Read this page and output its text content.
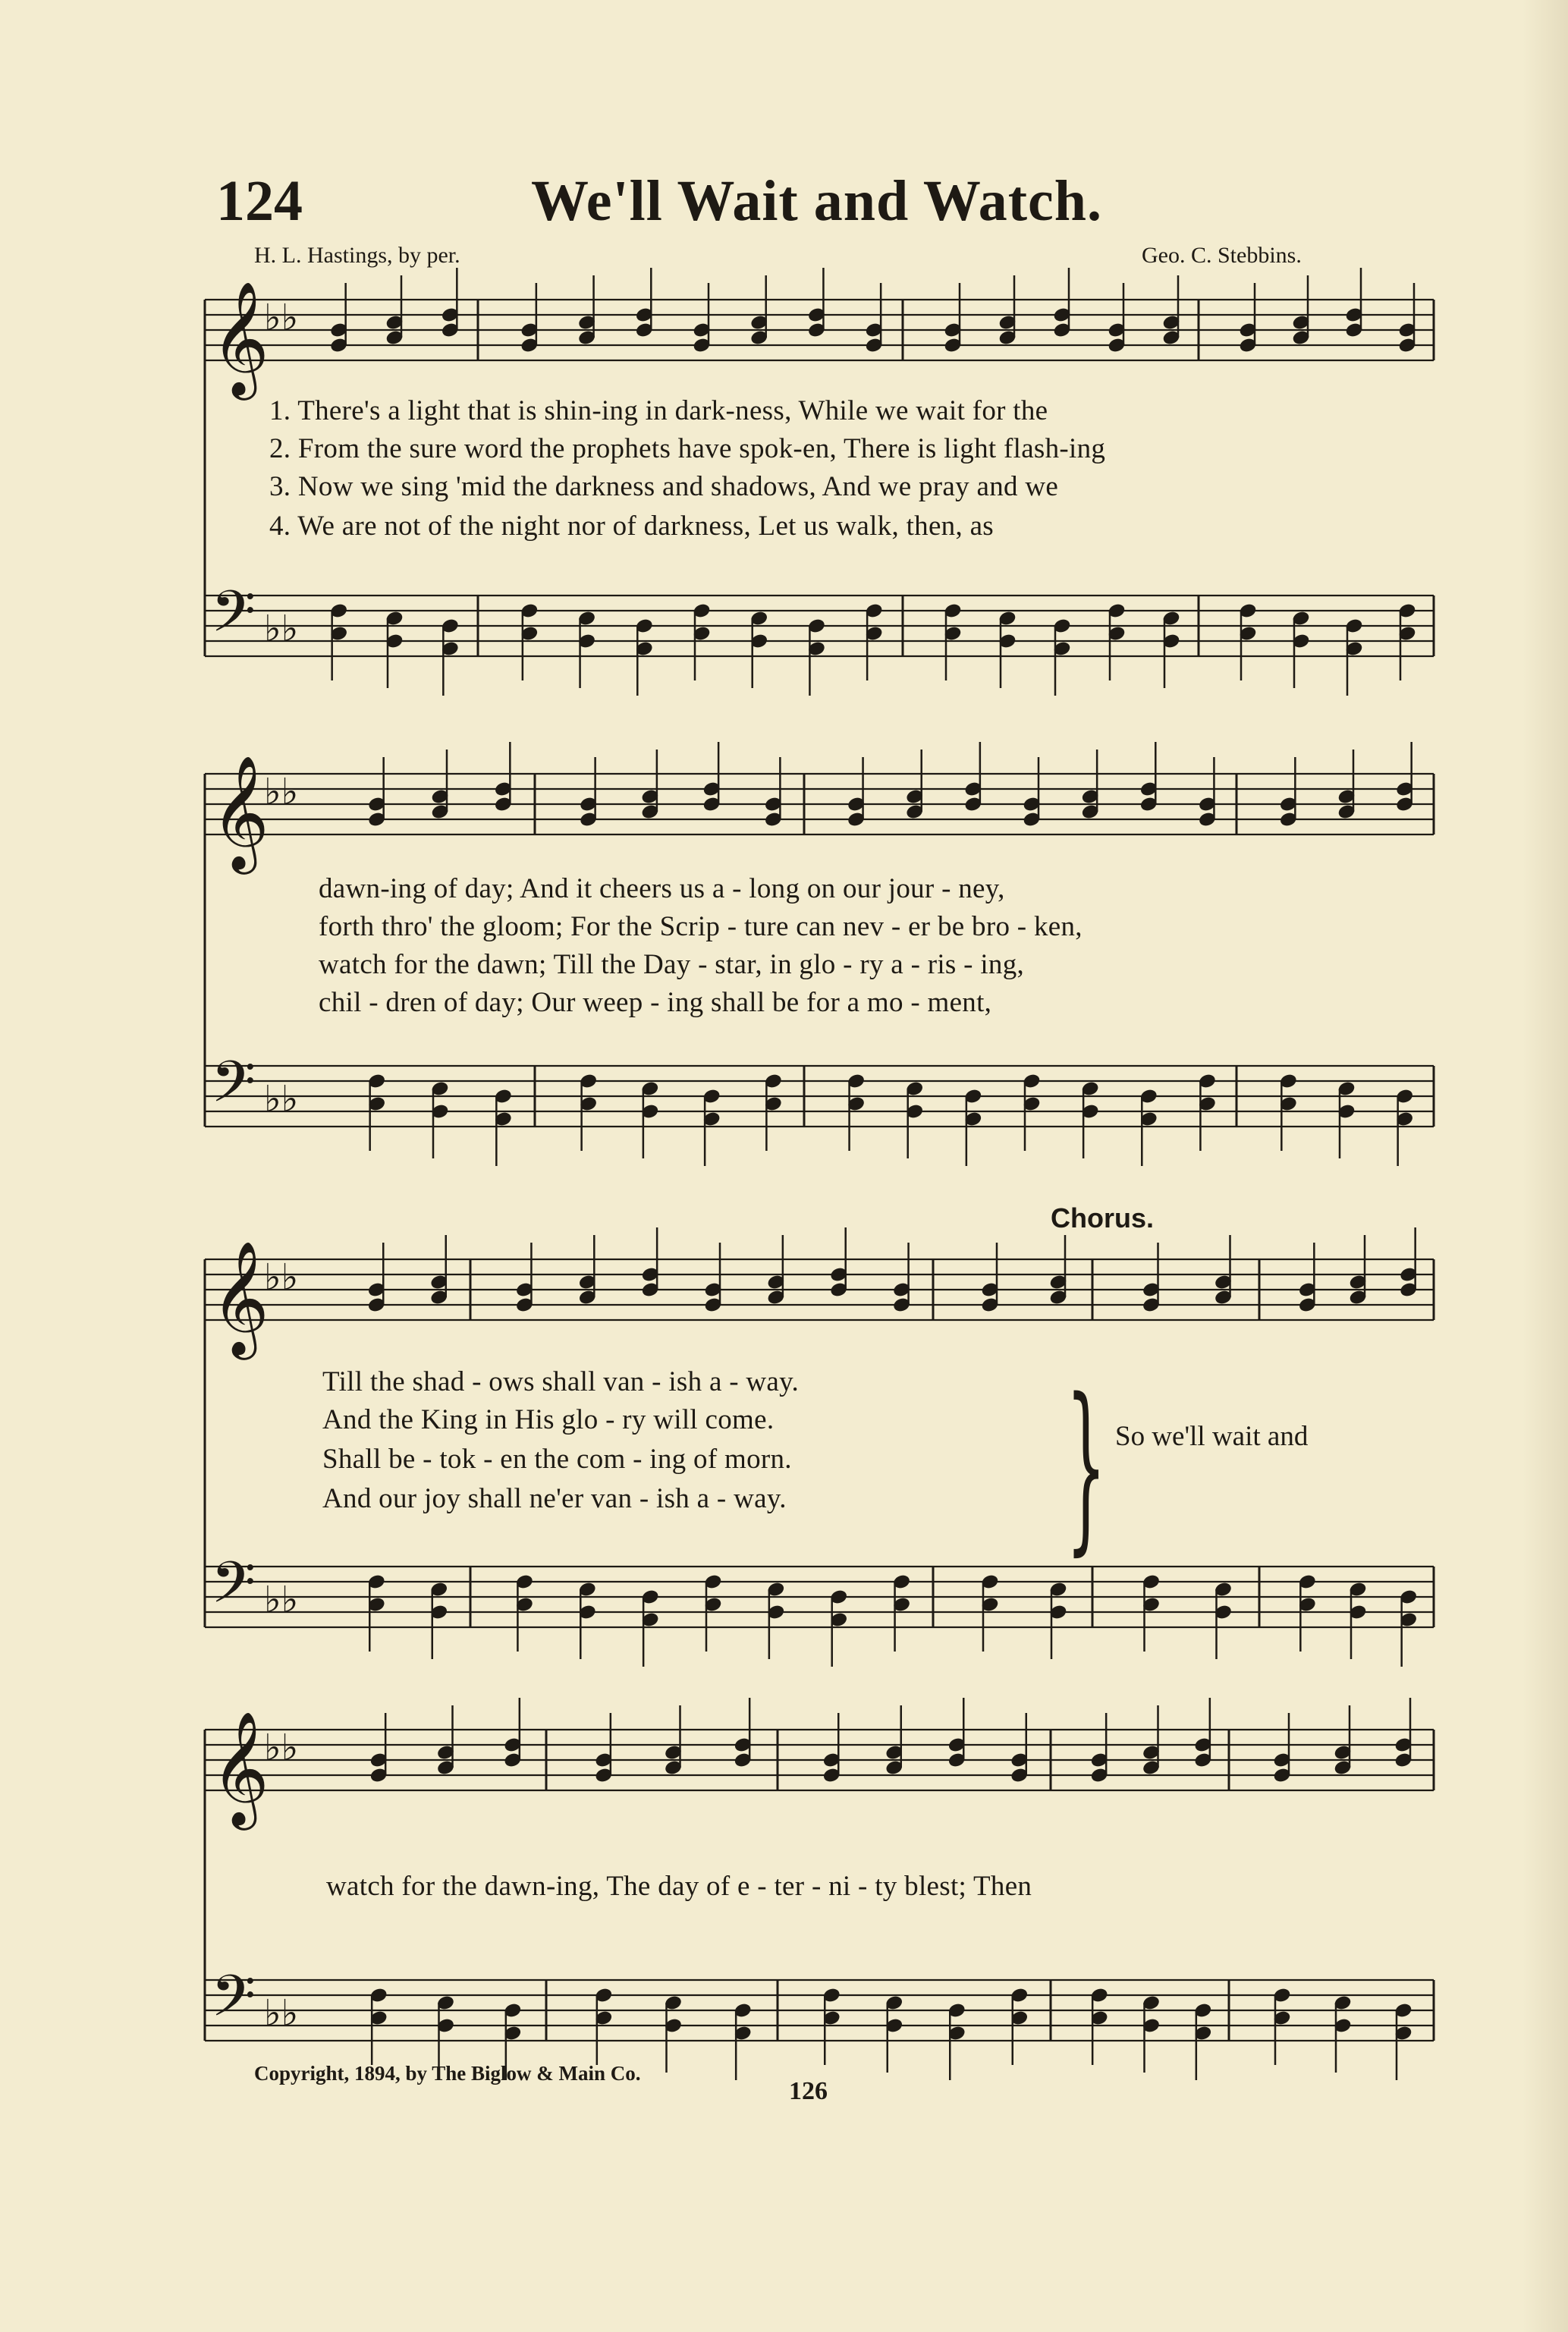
124	We'll Wait and Watch.
H. L. Hastings, by per.	Geo. C. Stebbins.
𝄞
♭♭
𝄢 ♭♭
𝄞
♭♭
𝄢 ♭♭
𝄞
♭♭
𝄢 ♭♭
𝄞
♭♭
𝄢 ♭♭
1. There's a light that is shin-ing in dark-ness, While we wait for the
2. From the sure word the prophets have spok-en, There is light flash-ing
3. Now we sing 'mid the darkness and shadows, And we pray and we
4. We are not of the night nor of darkness, Let us walk, then, as
dawn-ing of day; And it cheers us a - long on our jour - ney,
forth thro' the gloom; For the Scrip - ture can nev - er be bro - ken,
watch for the dawn; Till the Day - star, in glo - ry a - ris - ing,
chil - dren of day; Our weep - ing shall be for a mo - ment,
Chorus.
Till the shad - ows shall van - ish a - way.
And the King in His glo - ry will come.
Shall be - tok - en the com - ing of morn.
And our joy shall ne'er van - ish a - way. } So we'll wait and
watch for the dawn-ing, The day of e - ter - ni - ty blest; Then
Copyright, 1894, by The Biglow & Main Co.
126
